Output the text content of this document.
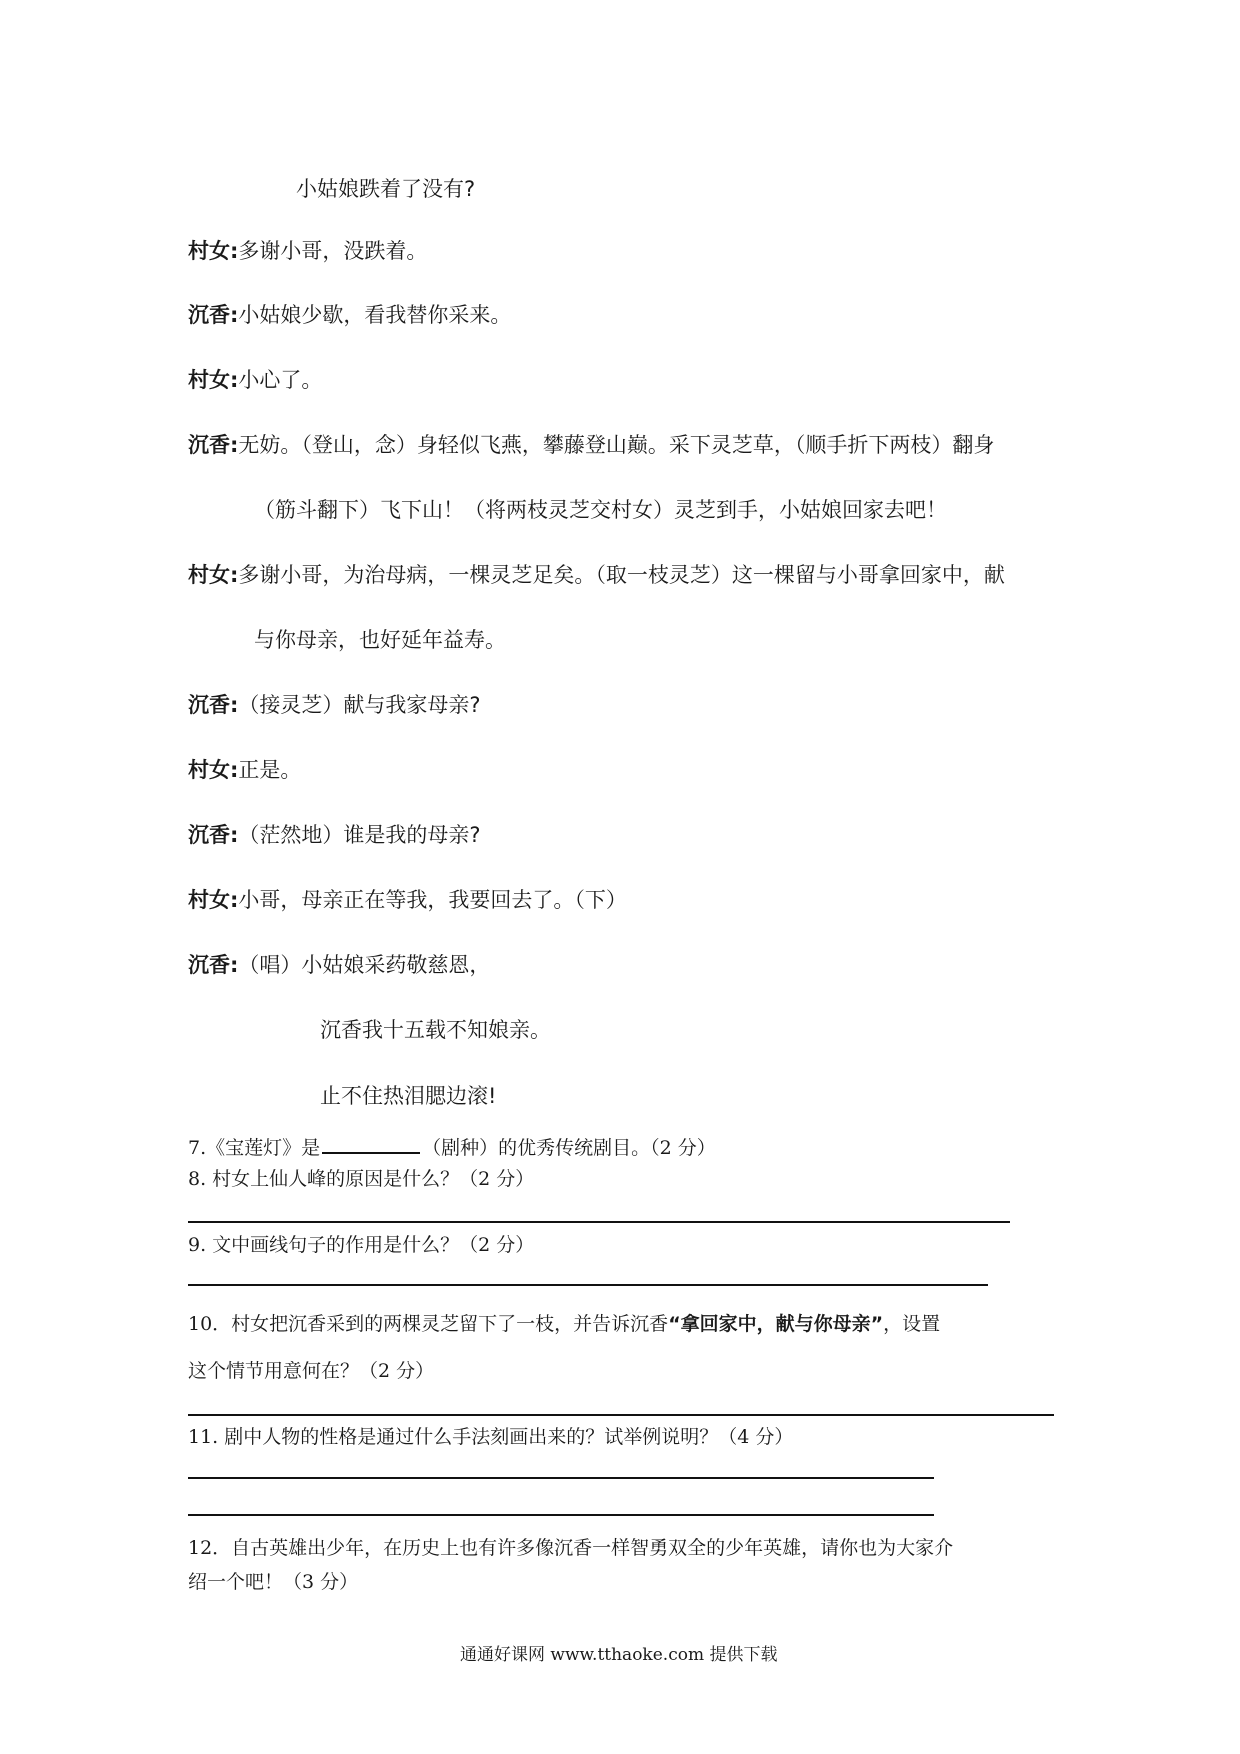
小姑娘跌着了没有?
村女:多谢小哥，没跌着。
沉香:小姑娘少歇，看我替你采来。
村女:小心了。
沉香:无妨。（登山，念）身轻似飞燕，攀藤登山巅。采下灵芝草，（顺手折下两枝）翻身
（筋斗翻下）飞下山！（将两枝灵芝交村女）灵芝到手，小姑娘回家去吧！
村女:多谢小哥，为治母病，一棵灵芝足矣。（取一枝灵芝）这一棵留与小哥拿回家中，献
与你母亲，也好延年益寿。
沉香:（接灵芝）献与我家母亲?
村女:正是。
沉香:（茫然地）谁是我的母亲?
村女:小哥，母亲正在等我，我要回去了。（下）
沉香:（唱）小姑娘采药敬慈恩，
沉香我十五载不知娘亲。
止不住热泪腮边滚!
7.《宝莲灯》是	（剧种）的优秀传统剧目。（2 分）
8. 村女上仙人峰的原因是什么？（2 分）
9. 文中画线句子的作用是什么？（2 分）
10．村女把沉香采到的两棵灵芝留下了一枝，并告诉沉香“拿回家中，献与你母亲”，设置
这个情节用意何在？（2 分）
11. 剧中人物的性格是通过什么手法刻画出来的？试举例说明？（4 分）
12．自古英雄出少年，在历史上也有许多像沉香一样智勇双全的少年英雄，请你也为大家介
绍一个吧！（3 分）
通通好课网 www.tthaoke.com 提供下载
